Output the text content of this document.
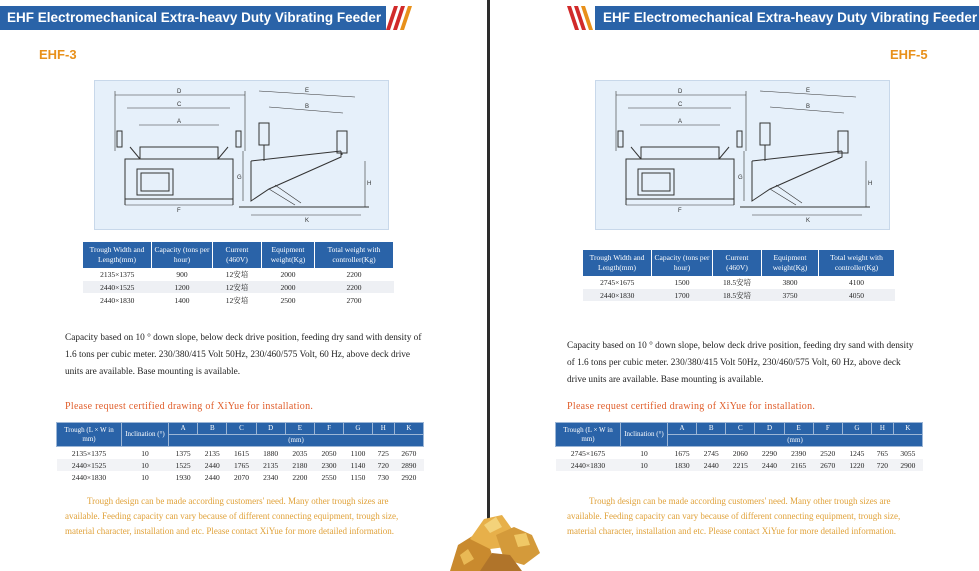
EHF Electromechanical Extra-heavy Duty Vibrating Feeder
EHF-3
D
C
A
F
E
B
G
H
K
Trough Width and Length(mm)	Capacity (tons per hour)	Current (460V)	Equipment weight(Kg)	Total weight with controller(Kg)
2135×1375	900	12安培	2000	2200
2440×1525	1200	12安培	2000	2200
2440×1830	1400	12安培	2500	2700
Capacity based on 10 ° down slope, below deck drive position, feeding dry sand with density of 1.6 tons per cubic meter. 230/380/415 Volt 50Hz, 230/460/575 Volt, 60 Hz, above deck drive units are available. Base mounting is available.
Please request certified drawing of XiYue for installation.
Trough (L × W in mm)	Inclination (°)	A	B	C	D	E	F	G	H	K
		(mm)								
2135×1375	10	1375	2135	1615	1880	2035	2050	1100	725	2670
2440×1525	10	1525	2440	1765	2135	2180	2300	1140	720	2890
2440×1830	10	1930	2440	2070	2340	2200	2550	1150	730	2920

Trough design can be made according customers' need. Many other trough sizes are available. Feeding capacity can vary because of different connecting equipment, trough size, material character, installation and etc. Please contact XiYue for more detailed information.

EHF Electromechanical Extra-heavy Duty Vibrating Feeder
EHF-5
D
C
A
F
E
B
G
H
K
Trough Width and Length(mm)	Capacity (tons per hour)	Current (460V)	Equipment weight(Kg)	Total weight with controller(Kg)
2745×1675	1500	18.5安培	3800	4100
2440×1830	1700	18.5安培	3750	4050
Capacity based on 10 ° down slope, below deck drive position, feeding dry sand with density of 1.6 tons per cubic meter. 230/380/415 Volt 50Hz, 230/460/575 Volt, 60 Hz, above deck drive units are available. Base mounting is available.
Please request certified drawing of XiYue for installation.
Trough (L × W in mm)	Inclination (°)	A	B	C	D	E	F	G	H	K
		(mm)								
2745×1675	10	1675	2745	2060	2290	2390	2520	1245	765	3055
2440×1830	10	1830	2440	2215	2440	2165	2670	1220	720	2900

Trough design can be made according customers' need. Many other trough sizes are available. Feeding capacity can vary because of different connecting equipment, trough size, material character, installation and etc. Please contact XiYue for more detailed information.
